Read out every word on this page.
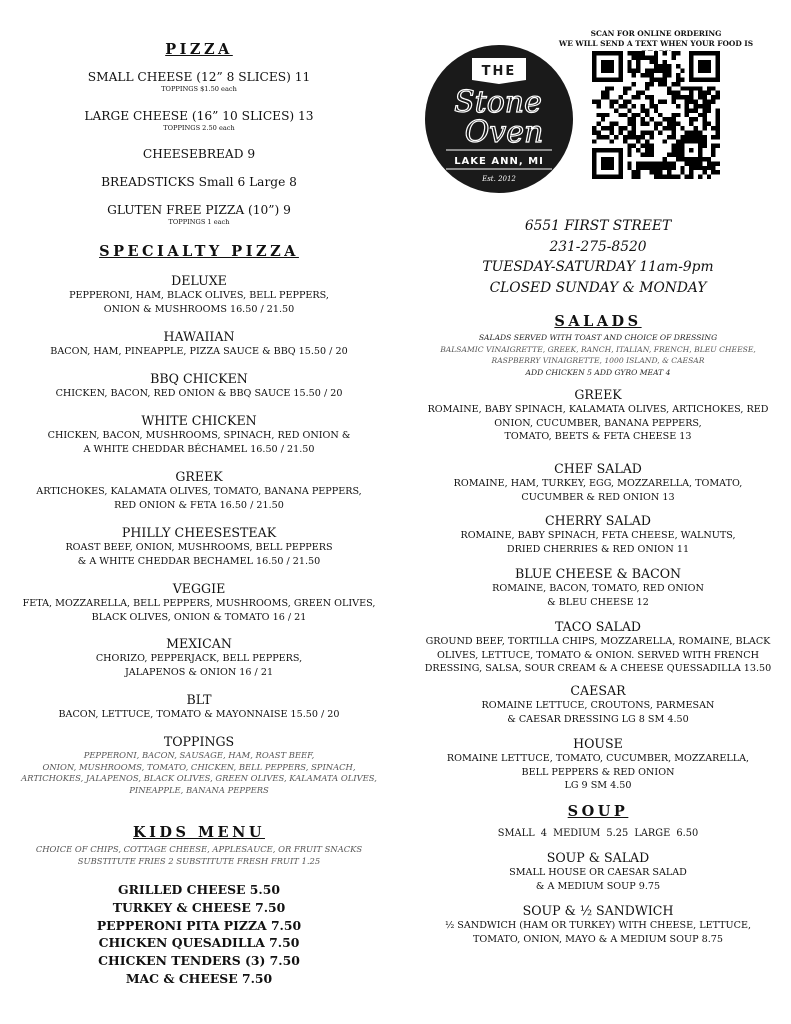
PIZZA

SMALL CHEESE (12” 8 SLICES) 11

TOPPINGS $1.50 each

LARGE CHEESE (16” 10 SLICES) 13

TOPPINGS 2.50 each

CHEESEBREAD 9

BREADSTICKS Small 6 Large 8

GLUTEN FREE PIZZA (10”) 9

TOPPINGS 1 each

SPECIALTY PIZZA

DELUXE

PEPPERONI, HAM, BLACK OLIVES, BELL PEPPERS,

ONION & MUSHROOMS 16.50 / 21.50

HAWAIIAN

BACON, HAM, PINEAPPLE, PIZZA SAUCE & BBQ 15.50 / 20

BBQ CHICKEN

CHICKEN, BACON, RED ONION & BBQ SAUCE 15.50 / 20

WHITE CHICKEN

CHICKEN, BACON, MUSHROOMS, SPINACH, RED ONION &

A WHITE CHEDDAR BÉCHAMEL 16.50 / 21.50

GREEK

ARTICHOKES, KALAMATA OLIVES, TOMATO, BANANA PEPPERS,

RED ONION & FETA 16.50 / 21.50

PHILLY CHEESESTEAK

ROAST BEEF, ONION, MUSHROOMS, BELL PEPPERS

& A WHITE CHEDDAR BECHAMEL 16.50 / 21.50

VEGGIE

FETA, MOZZARELLA, BELL PEPPERS, MUSHROOMS, GREEN OLIVES,

BLACK OLIVES, ONION & TOMATO 16 / 21

MEXICAN

CHORIZO, PEPPERJACK, BELL PEPPERS,

JALAPENOS & ONION 16 / 21

BLT

BACON, LETTUCE, TOMATO & MAYONNAISE 15.50 / 20

TOPPINGS

PEPPERONI, BACON, SAUSAGE, HAM, ROAST BEEF,

ONION, MUSHROOMS, TOMATO, CHICKEN, BELL PEPPERS, SPINACH,

ARTICHOKES, JALAPENOS, BLACK OLIVES, GREEN OLIVES, KALAMATA OLIVES,

PINEAPPLE, BANANA PEPPERS

KIDS MENU

CHOICE OF CHIPS, COTTAGE CHEESE, APPLESAUCE, OR FRUIT SNACKS

SUBSTITUTE FRIES 2 SUBSTITUTE FRESH FRUIT 1.25

GRILLED CHEESE 5.50

TURKEY & CHEESE 7.50

PEPPERONI PITA PIZZA 7.50

CHICKEN QUESADILLA 7.50

CHICKEN TENDERS (3) 7.50

MAC & CHEESE 7.50

THE
Stone
Oven
LAKE ANN, MI
Est. 2012
SCAN FOR ONLINE ORDERING
WE WILL SEND A TEXT WHEN YOUR FOOD IS

6551 FIRST STREET

231-275-8520

TUESDAY-SATURDAY 11am-9pm

CLOSED SUNDAY & MONDAY

SALADS

SALADS SERVED WITH TOAST AND CHOICE OF DRESSING

BALSAMIC VINAIGRETTE, GREEK, RANCH, ITALIAN, FRENCH, BLEU CHEESE,

RASPBERRY VINAIGRETTE, 1000 ISLAND, & CAESAR

ADD CHICKEN 5 ADD GYRO MEAT 4

GREEK

ROMAINE, BABY SPINACH, KALAMATA OLIVES, ARTICHOKES, RED

ONION, CUCUMBER, BANANA PEPPERS,

TOMATO, BEETS & FETA CHEESE 13

CHEF SALAD

ROMAINE, HAM, TURKEY, EGG, MOZZARELLA, TOMATO,

CUCUMBER & RED ONION 13

CHERRY SALAD

ROMAINE, BABY SPINACH, FETA CHEESE, WALNUTS,

DRIED CHERRIES & RED ONION 11

BLUE CHEESE & BACON

ROMAINE, BACON, TOMATO, RED ONION

& BLEU CHEESE 12

TACO SALAD

GROUND BEEF, TORTILLA CHIPS, MOZZARELLA, ROMAINE, BLACK

OLIVES, LETTUCE, TOMATO & ONION. SERVED WITH FRENCH

DRESSING, SALSA, SOUR CREAM & A CHEESE QUESSADILLA 13.50

CAESAR

ROMAINE LETTUCE, CROUTONS, PARMESAN

& CAESAR DRESSING LG 8 SM 4.50

HOUSE

ROMAINE LETTUCE, TOMATO, CUCUMBER, MOZZARELLA,

BELL PEPPERS & RED ONION

LG 9 SM 4.50

SOUP

SMALL 4 MEDIUM 5.25 LARGE 6.50

SOUP & SALAD

SMALL HOUSE OR CAESAR SALAD

& A MEDIUM SOUP 9.75

SOUP & ½ SANDWICH

½ SANDWICH (HAM OR TURKEY) WITH CHEESE, LETTUCE,

TOMATO, ONION, MAYO & A MEDIUM SOUP 8.75
